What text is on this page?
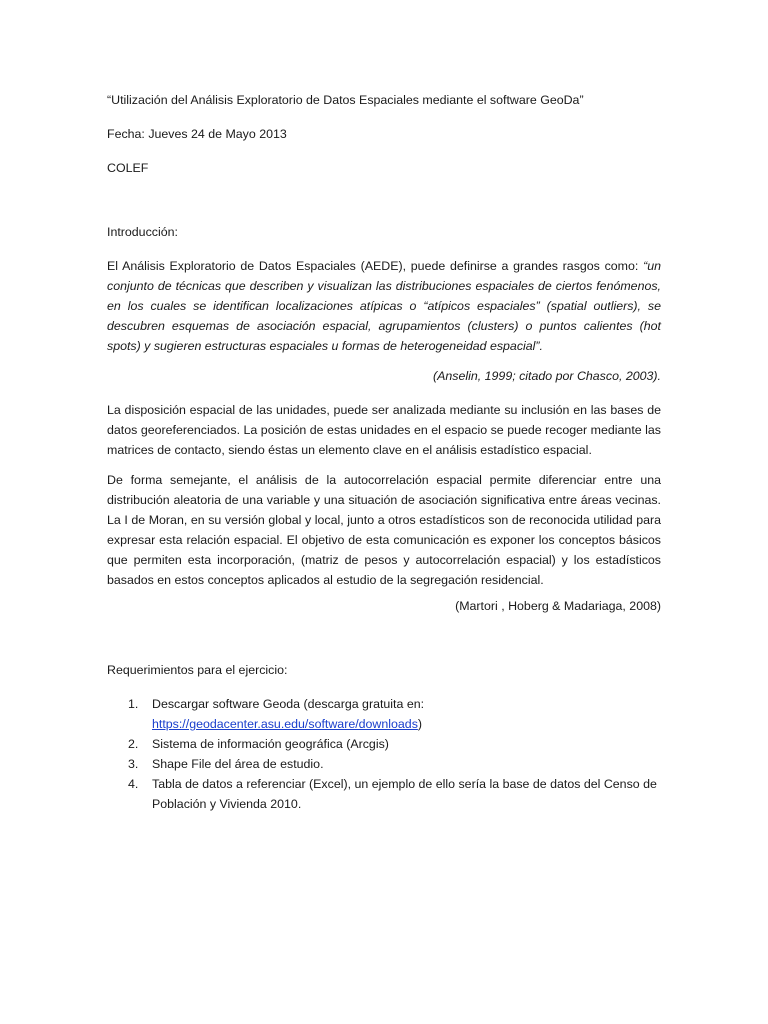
“Utilización del Análisis Exploratorio de Datos Espaciales mediante el software GeoDa”

Fecha: Jueves 24 de Mayo 2013

COLEF

Introducción:

El Análisis Exploratorio de Datos Espaciales (AEDE), puede definirse a grandes rasgos como: “un conjunto de técnicas que describen y visualizan las distribuciones espaciales de ciertos fenómenos, en los cuales se identifican localizaciones atípicas o “atípicos espaciales” (spatial outliers), se descubren esquemas de asociación espacial, agrupamientos (clusters) o puntos calientes (hot spots) y sugieren estructuras espaciales u formas de heterogeneidad espacial”.

(Anselin, 1999; citado por Chasco, 2003).

La disposición espacial de las unidades, puede ser analizada mediante su inclusión en las bases de datos georeferenciados. La posición de estas unidades en el espacio se puede recoger mediante las matrices de contacto, siendo éstas un elemento clave en el análisis estadístico espacial.

De forma semejante, el análisis de la autocorrelación espacial permite diferenciar entre una distribución aleatoria de una variable y una situación de asociación significativa entre áreas vecinas. La I de Moran, en su versión global y local, junto a otros estadísticos son de reconocida utilidad para expresar esta relación espacial. El objetivo de esta comunicación es exponer los conceptos básicos que permiten esta incorporación, (matriz de pesos y autocorrelación espacial) y los estadísticos basados en estos conceptos aplicados al estudio de la segregación residencial.

(Martori , Hoberg & Madariaga, 2008)

Requerimientos para el ejercicio:

1. Descargar software Geoda (descarga gratuita en: https://geodacenter.asu.edu/software/downloads)
2. Sistema de información geográfica (Arcgis)
3. Shape File del área de estudio.
4. Tabla de datos a referenciar (Excel), un ejemplo de ello sería la base de datos del Censo de Población y Vivienda 2010.
